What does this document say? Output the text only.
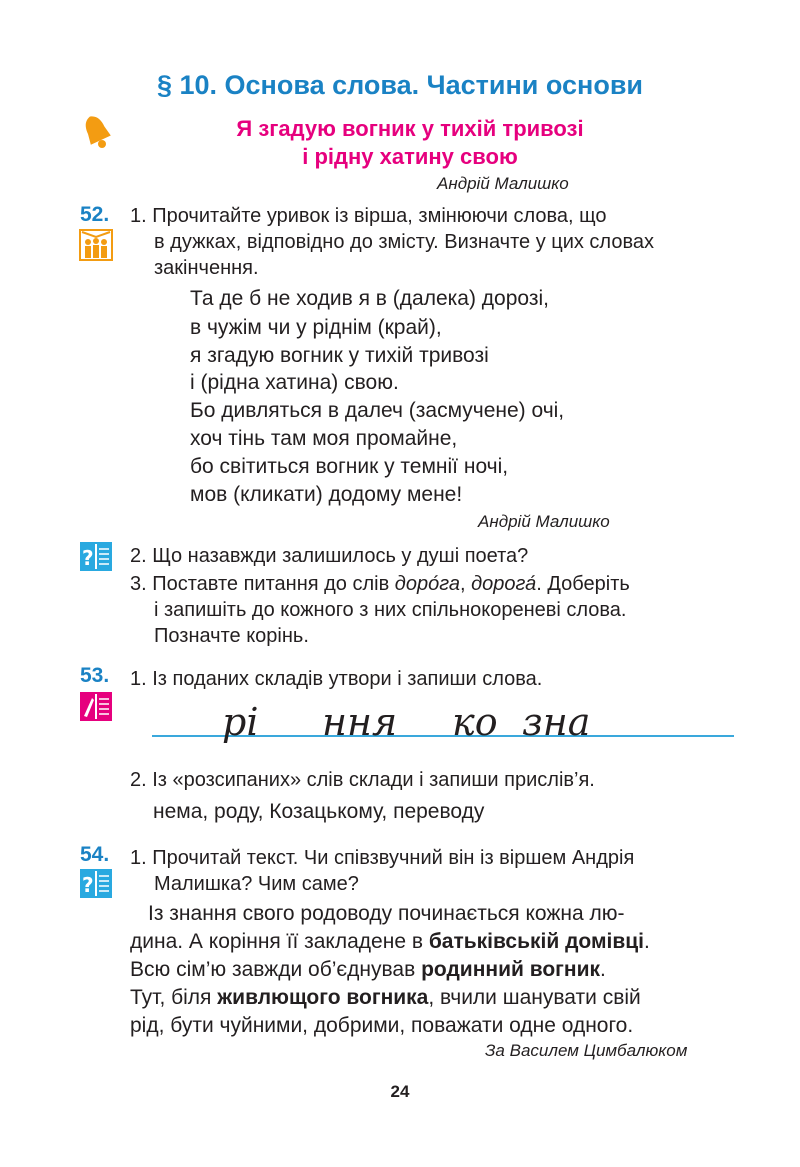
§ 10. Основа слова. Частини основи
Я згадую вогник у тихій тривозі
і рідну хатину свою
Андрій Малишко
52. 1. Прочитайте уривок із вірша, змінюючи слова, що
в дужках, відповідно до змісту. Визначте у цих словах
закінчення.
Та де б не ходив я в (далека) дорозі,
в чужім чи у ріднім (край),
я згадую вогник у тихій тривозі
і (рідна хатина) свою.
Бо дивляться в далеч (засмучене) очі,
хоч тінь там моя промайне,
бо світиться вогник у темнії ночі,
мов (кликати) додому мене!
Андрій Малишко
? 2. Що назавжди залишилось у душі поета?
3. Поставте питання до слів доро́га, дорога́. Доберіть
і запишіть до кожного з них спільнокореневі слова.
Позначте корінь.
53. 1. Із поданих складів утвори і запиши слова.
рі ння ко зна
2. Із «розсипаних» слів склади і запиши прислів’я.
нема, роду, Козацькому, переводу
54.
?
1. Прочитай текст. Чи співзвучний він із віршем Андрія
Малишка? Чим саме?
Із знання свого родоводу починається кожна лю-
дина. А коріння її закладене в батьківській домівці.
Всю сім’ю завжди об’єднував родинний вогник.
Тут, біля живлющого вогника, вчили шанувати свій
рід, бути чуйними, добрими, поважати одне одного.
За Василем Цимбалюком
24
